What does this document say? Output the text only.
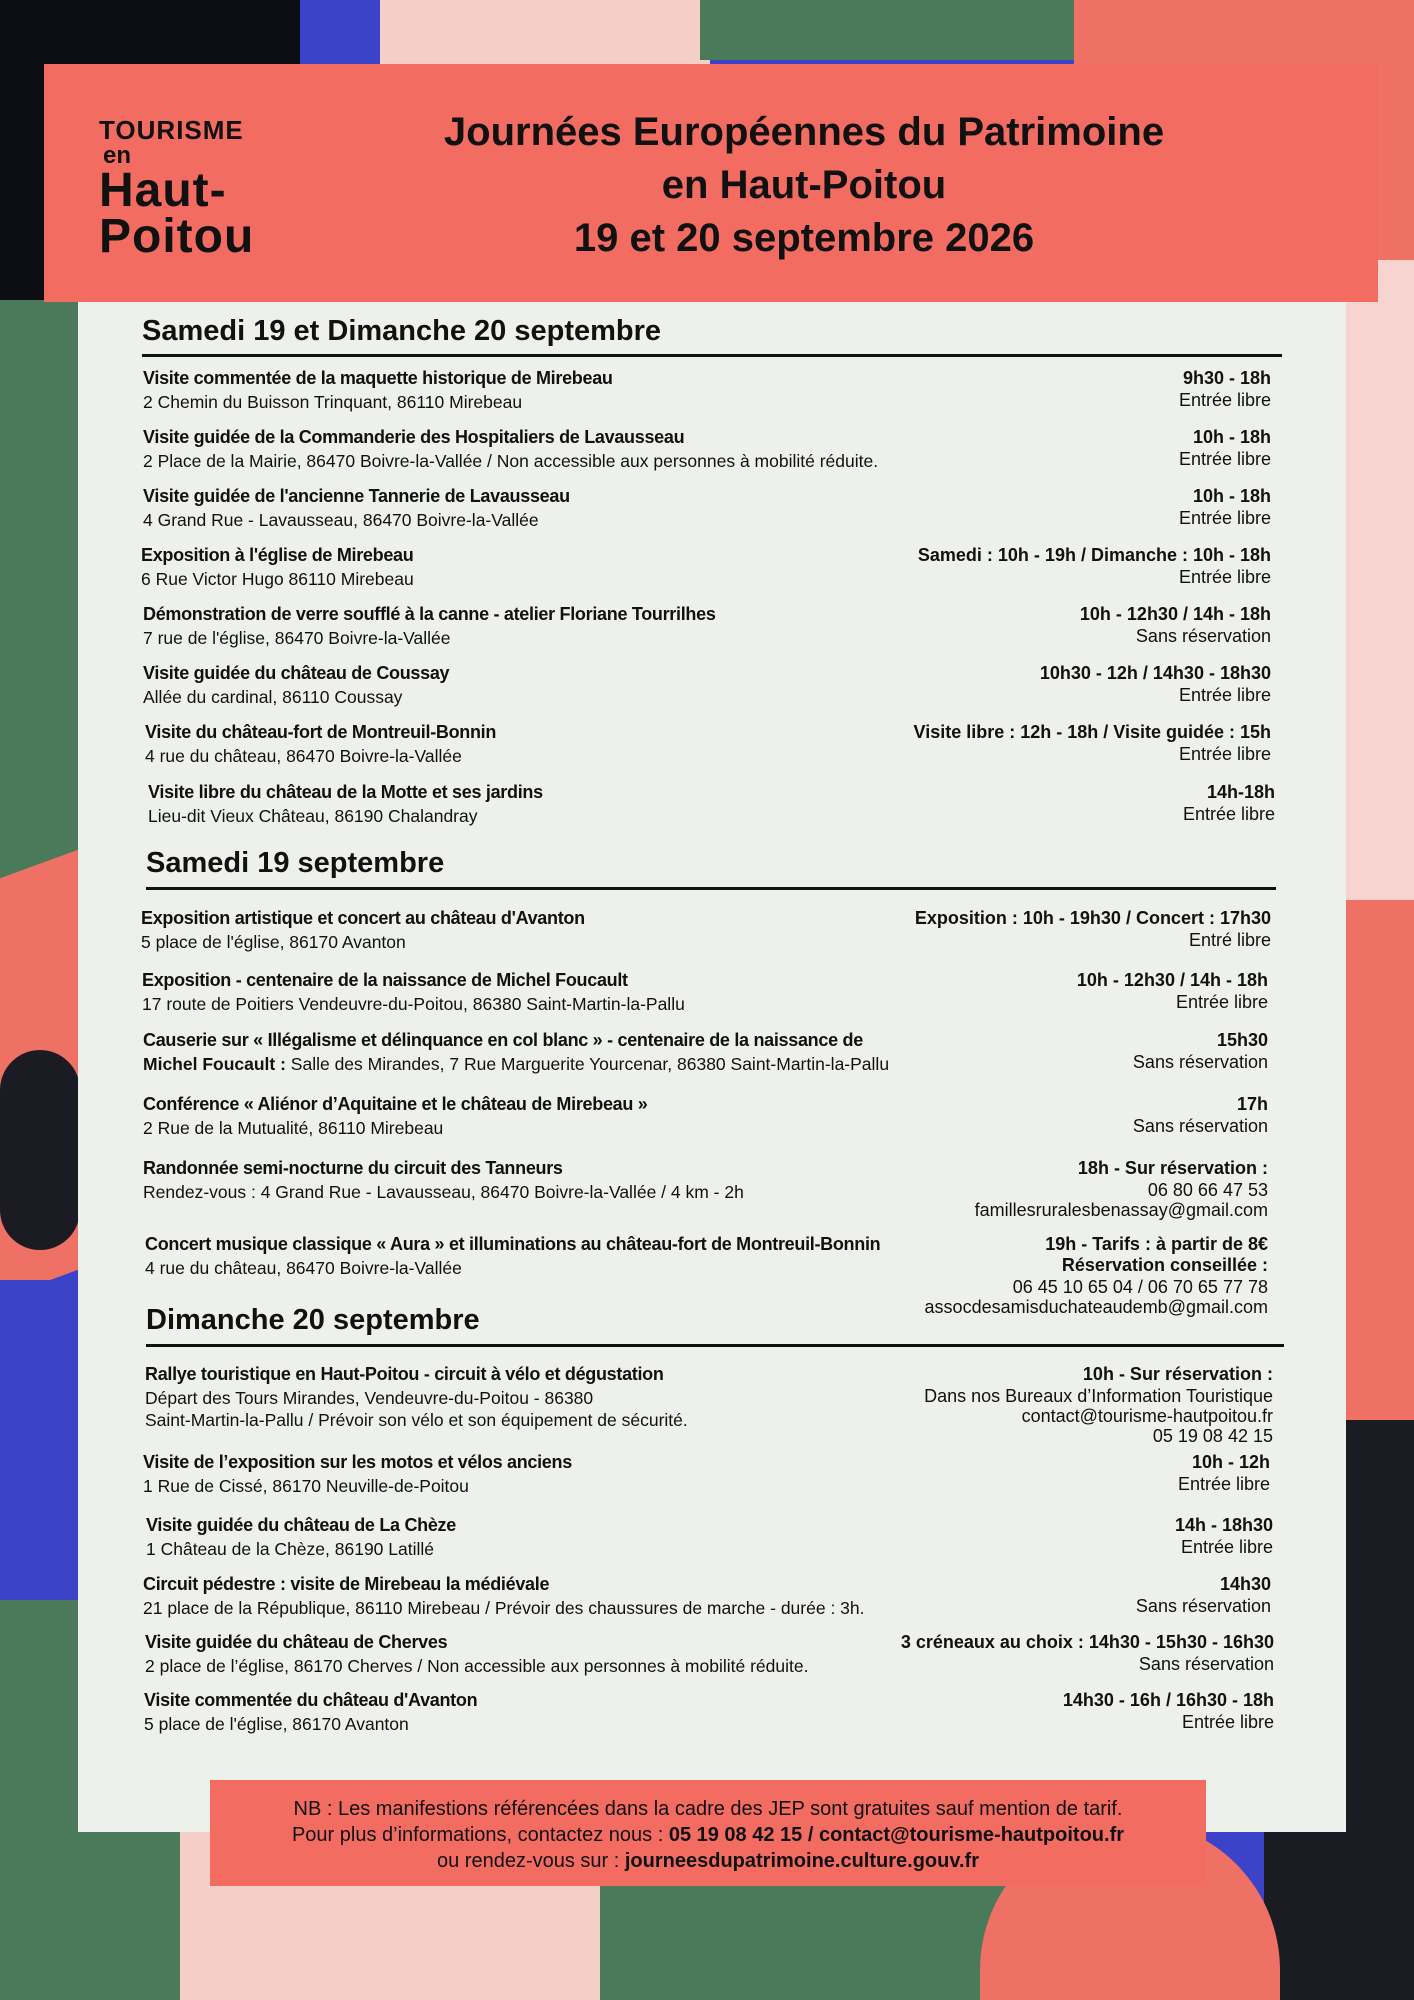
TOURISME
en
Haut-
Poitou
Journées Européennes du Patrimoine
en Haut-Poitou
19 et 20 septembre 2026
Samedi 19 et Dimanche 20 septembre
Visite commentée de la maquette historique de Mirebeau
2 Chemin du Buisson Trinquant, 86110 Mirebeau
9h30 - 18h
Entrée libre
Visite guidée de la Commanderie des Hospitaliers de Lavausseau
2 Place de la Mairie, 86470 Boivre-la-Vallée / Non accessible aux personnes à mobilité réduite.
10h - 18h
Entrée libre
Visite guidée de l'ancienne Tannerie de Lavausseau
4 Grand Rue - Lavausseau, 86470 Boivre-la-Vallée
10h - 18h
Entrée libre
Exposition à l'église de Mirebeau
6 Rue Victor Hugo 86110 Mirebeau
Samedi : 10h - 19h / Dimanche : 10h - 18h
Entrée libre
Démonstration de verre soufflé à la canne - atelier Floriane Tourrilhes
7 rue de l'église, 86470 Boivre-la-Vallée
10h - 12h30 / 14h - 18h
Sans réservation
Visite guidée du château de Coussay
Allée du cardinal, 86110 Coussay
10h30 - 12h / 14h30 - 18h30
Entrée libre
Visite du château-fort de Montreuil-Bonnin
4 rue du château, 86470 Boivre-la-Vallée
Visite libre : 12h - 18h / Visite guidée : 15h
Entrée libre
Visite libre du château de la Motte et ses jardins
Lieu-dit Vieux Château, 86190 Chalandray
14h-18h
Entrée libre
Samedi 19 septembre
Exposition artistique et concert au château d'Avanton
5 place de l'église, 86170 Avanton
Exposition : 10h - 19h30 / Concert : 17h30
Entré libre
Exposition - centenaire de la naissance de Michel Foucault
17 route de Poitiers Vendeuvre-du-Poitou, 86380 Saint-Martin-la-Pallu
10h - 12h30 / 14h - 18h
Entrée libre
Causerie sur « Illégalisme et délinquance en col blanc » - centenaire de la naissance de
Michel Foucault : Salle des Mirandes, 7 Rue Marguerite Yourcenar, 86380 Saint-Martin-la-Pallu
15h30
Sans réservation
Conférence « Aliénor d’Aquitaine et le château de Mirebeau »
2 Rue de la Mutualité, 86110 Mirebeau
17h
Sans réservation
Randonnée semi-nocturne du circuit des Tanneurs
Rendez-vous : 4 Grand Rue - Lavausseau, 86470 Boivre-la-Vallée / 4 km - 2h
18h - Sur réservation :
06 80 66 47 53
famillesruralesbenassay@gmail.com
Concert musique classique « Aura » et illuminations au château-fort de Montreuil-Bonnin
4 rue du château, 86470 Boivre-la-Vallée
19h - Tarifs : à partir de 8€
Réservation conseillée :
06 45 10 65 04 / 06 70 65 77 78
assocdesamisduchateaudemb@gmail.com
Dimanche 20 septembre
Rallye touristique en Haut-Poitou - circuit à vélo et dégustation
Départ des Tours Mirandes, Vendeuvre-du-Poitou - 86380
Saint-Martin-la-Pallu / Prévoir son vélo et son équipement de sécurité.
10h - Sur réservation :
Dans nos Bureaux d’Information Touristique
contact@tourisme-hautpoitou.fr
05 19 08 42 15
Visite de l’exposition sur les motos et vélos anciens
1 Rue de Cissé, 86170 Neuville-de-Poitou
10h - 12h
Entrée libre
Visite guidée du château de La Chèze
1 Château de la Chèze, 86190 Latillé
14h - 18h30
Entrée libre
Circuit pédestre : visite de Mirebeau la médiévale
21 place de la République, 86110 Mirebeau / Prévoir des chaussures de marche - durée : 3h.
14h30
Sans réservation
Visite guidée du château de Cherves
2 place de l’église, 86170 Cherves / Non accessible aux personnes à mobilité réduite.
3 créneaux au choix : 14h30 - 15h30 - 16h30
Sans réservation
Visite commentée du château d'Avanton
5 place de l'église, 86170 Avanton
14h30 - 16h / 16h30 - 18h
Entrée libre
NB : Les manifestions référencées dans la cadre des JEP sont gratuites sauf mention de tarif.
Pour plus d’informations, contactez nous : 05 19 08 42 15 / contact@tourisme-hautpoitou.fr
ou rendez-vous sur : journeesdupatrimoine.culture.gouv.fr
